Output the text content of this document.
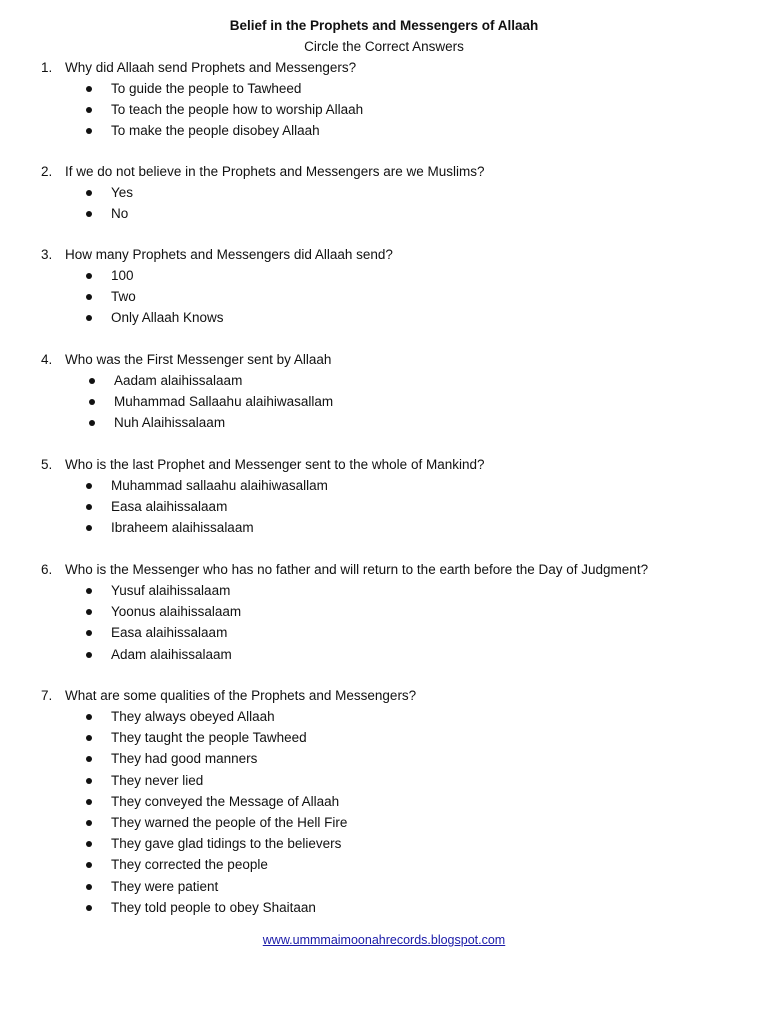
Belief in the Prophets and Messengers of Allaah
Circle the Correct Answers
1. Why did Allaah send Prophets and Messengers?
To guide the people to Tawheed
To teach the people how to worship Allaah
To make the people disobey Allaah
2. If we do not believe in the Prophets and Messengers are we Muslims?
Yes
No
3. How many Prophets and Messengers did Allaah send?
100
Two
Only Allaah Knows
4. Who was the First Messenger sent by Allaah
Aadam alaihissalaam
Muhammad Sallaahu alaihiwasallam
Nuh Alaihissalaam
5. Who is the last Prophet and Messenger sent to the whole of Mankind?
Muhammad sallaahu alaihiwasallam
Easa alaihissalaam
Ibraheem alaihissalaam
6. Who is the Messenger who has no father and will return to the earth before the Day of Judgment?
Yusuf alaihissalaam
Yoonus alaihissalaam
Easa alaihissalaam
Adam alaihissalaam
7. What are some qualities of the Prophets and Messengers?
They always obeyed Allaah
They taught the people Tawheed
They had good manners
They never lied
They conveyed the Message of Allaah
They warned the people of the Hell Fire
They gave glad tidings to the believers
They corrected the people
They were patient
They told people to obey Shaitaan
www.ummmaimoonahrecords.blogspot.com
